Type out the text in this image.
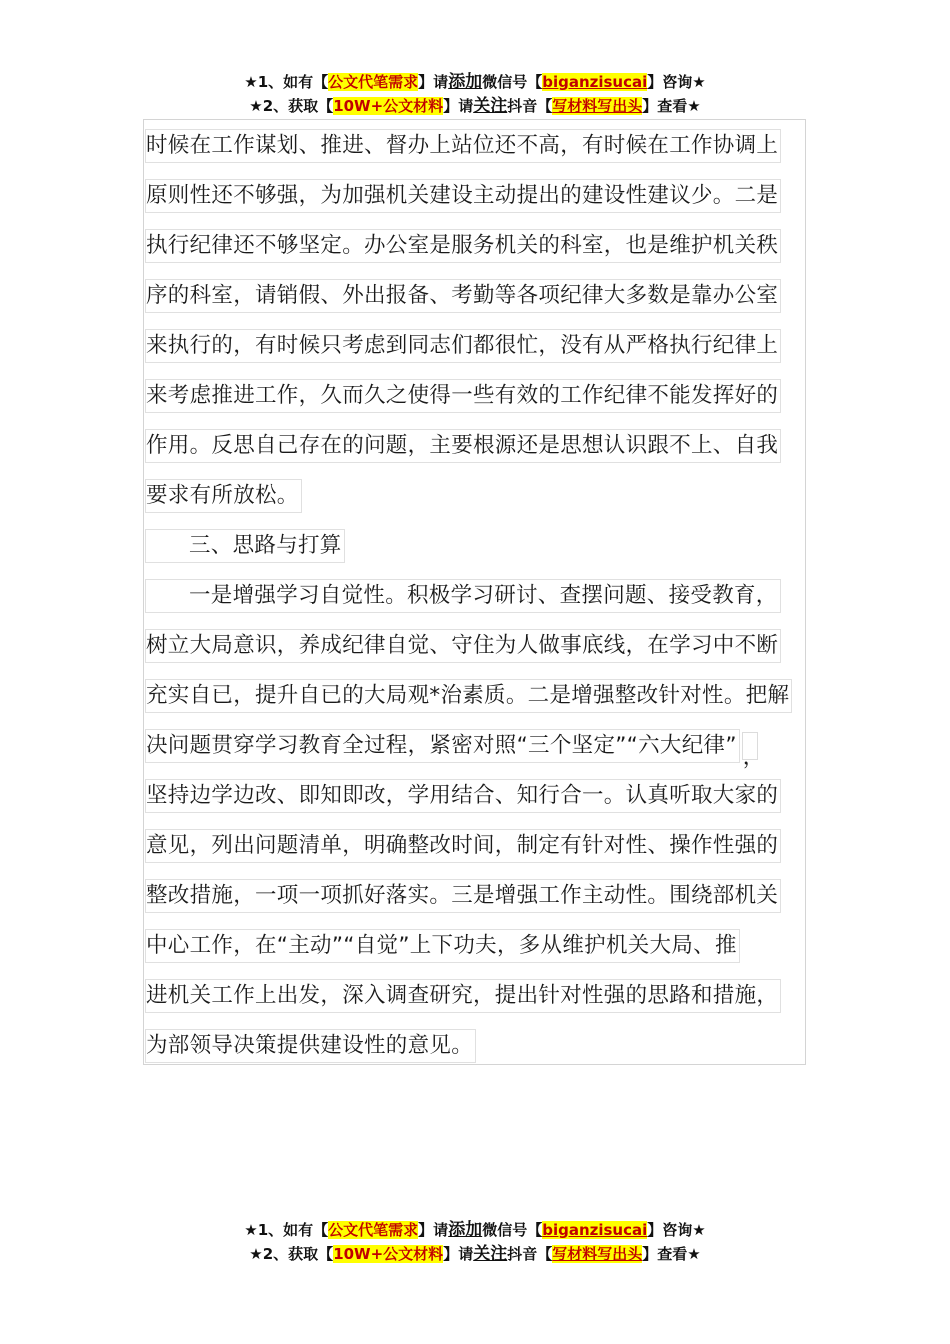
★1、如有【公文代笔需求】请添加微信号【biganzisucai】咨询★
★2、获取【10W+公文材料】请关注抖音【写材料写出头】查看★
时候在工作谋划、推进、督办上站位还不高，有时候在工作协调上
原则性还不够强，为加强机关建设主动提出的建设性建议少。二是
执行纪律还不够坚定。办公室是服务机关的科室，也是维护机关秩
序的科室，请销假、外出报备、考勤等各项纪律大多数是靠办公室
来执行的，有时候只考虑到同志们都很忙，没有从严格执行纪律上
来考虑推进工作，久而久之使得一些有效的工作纪律不能发挥好的
作用。反思自己存在的问题，主要根源还是思想认识跟不上、自我
要求有所放松。
三、思路与打算
一是增强学习自觉性。积极学习研讨、查摆问题、接受教育，
树立大局意识，养成纪律自觉、守住为人做事底线，在学习中不断
充实自已，提升自已的大局观*治素质。二是增强整改针对性。把解
决问题贯穿学习教育全过程，紧密对照“三个坚定”“六大纪律” ，
坚持边学边改、即知即改，学用结合、知行合一。认真听取大家的
意见，列出问题清单，明确整改时间，制定有针对性、操作性强的
整改措施，一项一项抓好落实。三是增强工作主动性。围绕部机关
中心工作，在“主动”“自觉”上下功夫，多从维护机关大局、推
进机关工作上出发，深入调查研究，提出针对性强的思路和措施，
为部领导决策提供建设性的意见。
★1、如有【公文代笔需求】请添加微信号【biganzisucai】咨询★
★2、获取【10W+公文材料】请关注抖音【写材料写出头】查看★
